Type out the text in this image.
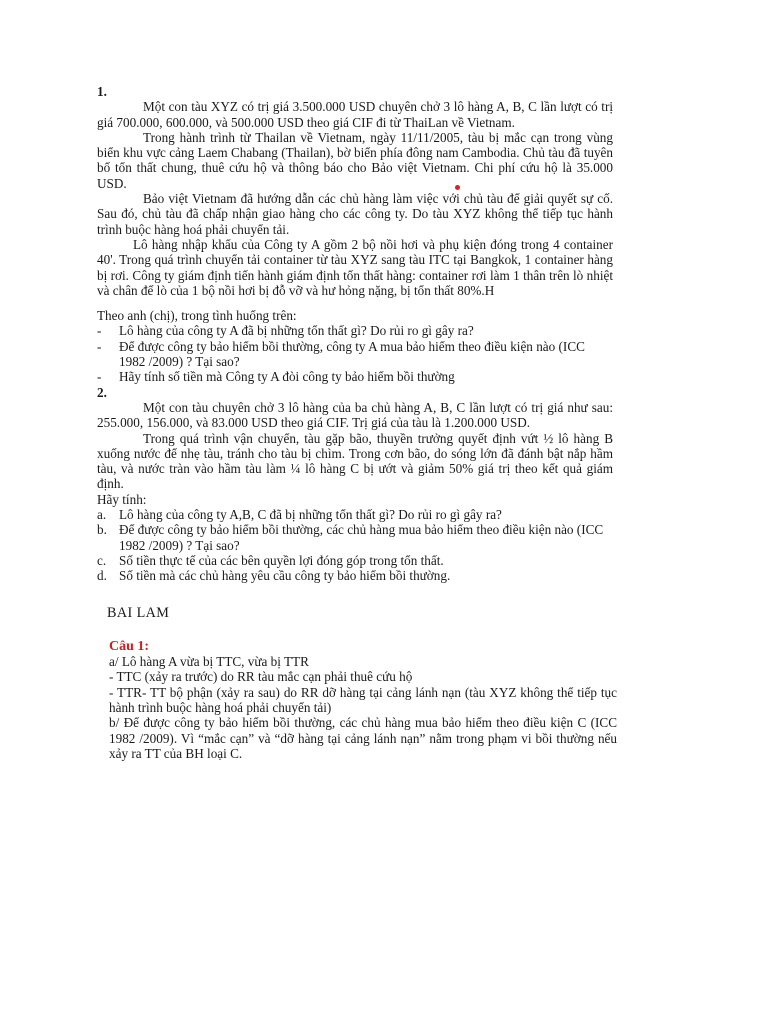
1.

Một con tàu XYZ có trị giá 3.500.000 USD chuyên chở 3 lô hàng A, B, C lần lượt có trị giá 700.000, 600.000, và 500.000 USD theo giá CIF đi từ ThaiLan về Vietnam.

Trong hành trình từ Thailan về Vietnam, ngày 11/11/2005, tàu bị mắc cạn trong vùng biển khu vực cảng Laem Chabang (Thailan), bờ biển phía đông nam Cambodia. Chủ tàu đã tuyên bố tổn thất chung, thuê cứu hộ và thông báo cho Bảo việt Vietnam. Chi phí cứu hộ là 35.000 USD.

Bảo việt Vietnam đã hướng dẫn các chủ hàng làm việc với chủ tàu để giải quyết sự cố. Sau đó, chủ tàu đã chấp nhận giao hàng cho các công ty. Do tàu XYZ không thể tiếp tục hành trình buộc hàng hoá phải chuyển tải.

Lô hàng nhập khẩu của Công ty A gồm 2 bộ nồi hơi và phụ kiện đóng trong 4 container 40'. Trong quá trình chuyển tải container từ tàu XYZ sang tàu ITC tại Bangkok, 1 container hàng bị rơi. Công ty giám định tiến hành giám định tổn thất hàng: container rơi làm 1 thân trên lò nhiệt và chân đế lò của 1 bộ nồi hơi bị đỗ vỡ và hư hỏng nặng, bị tổn thất 80%.H

Theo anh (chị), trong tình huống trên:

-	Lô hàng của công ty A đã bị những tổn thất gì? Do rủi ro gì gây ra?
-	Để được công ty bảo hiểm bồi thường, công ty A mua bảo hiểm theo điều kiện nào (ICC 1982 /2009) ? Tại sao?
-	Hãy tính số tiền mà Công ty A đòi công ty bảo hiểm bồi thường

2.

Một con tàu chuyên chở 3 lô hàng của ba chủ hàng A, B, C lần lượt có trị giá như sau: 255.000, 156.000, và 83.000 USD theo giá CIF. Trị giá của tàu là 1.200.000 USD.

Trong quá trình vận chuyển, tàu gặp bão, thuyền trưởng quyết định vứt ½ lô hàng B xuống nước để nhẹ tàu, tránh cho tàu bị chìm. Trong cơn bão, do sóng lớn đã đánh bật nắp hầm tàu, và nước tràn vào hầm tàu làm ¼ lô hàng C bị ướt và giảm 50% giá trị theo kết quả giám định.

Hãy tính:

a. Lô hàng của công ty A,B, C đã bị những tổn thất gì? Do rủi ro gì gây ra?
b. Để được công ty bảo hiểm bồi thường, các chủ hàng mua bảo hiểm theo điều kiện nào (ICC 1982 /2009) ? Tại sao?
c. Số tiền thực tế của các bên quyền lợi đóng góp trong tổn thất.
d. Số tiền mà các chủ hàng yêu cầu công ty bảo hiểm bồi thường.

BAI LAM

Câu 1:

a/ Lô hàng A vừa bị TTC, vừa bị TTR

- TTC (xảy ra trước) do RR tàu mắc cạn phải thuê cứu hộ

- TTR- TT bộ phận (xảy ra sau) do RR dỡ hàng tại cảng lánh nạn (tàu XYZ không thể tiếp tục hành trình buộc hàng hoá phải chuyển tải)

b/ Để được công ty bảo hiểm bồi thường, các chủ hàng mua bảo hiểm theo điều kiện C (ICC 1982 /2009). Vì “mắc cạn” và “dỡ hàng tại cảng lánh nạn” nằm trong phạm vi bồi thường nếu xảy ra TT của BH loại C.
